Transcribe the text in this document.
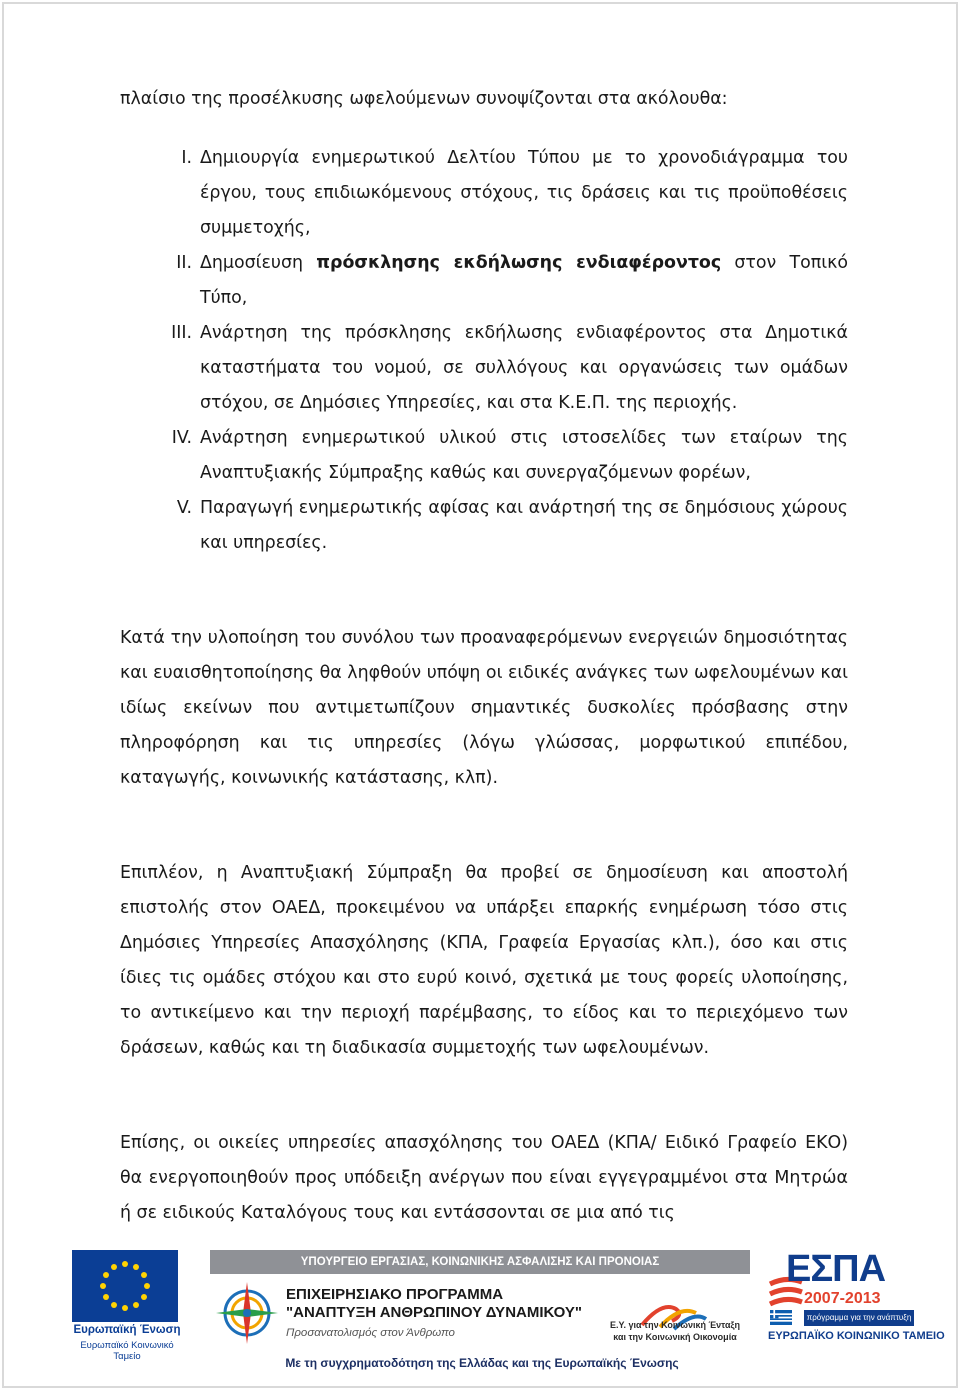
πλαίσιο της προσέλκυσης ωφελούμενων συνοψίζονται στα ακόλουθα:
I. Δημιουργία ενημερωτικού Δελτίου Τύπου με το χρονοδιάγραμμα του έργου, τους επιδιωκόμενους στόχους, τις δράσεις και τις προϋποθέσεις συμμετοχής,
II. Δημοσίευση πρόσκλησης εκδήλωσης ενδιαφέροντος στον Τοπικό Τύπο,
III. Ανάρτηση της πρόσκλησης εκδήλωσης ενδιαφέροντος στα Δημοτικά καταστήματα του νομού, σε συλλόγους και οργανώσεις των ομάδων στόχου, σε Δημόσιες Υπηρεσίες, και στα Κ.Ε.Π. της περιοχής.
IV. Ανάρτηση ενημερωτικού υλικού στις ιστοσελίδες των εταίρων της Αναπτυξιακής Σύμπραξης καθώς και συνεργαζόμενων φορέων,
V. Παραγωγή ενημερωτικής αφίσας και ανάρτησή της σε δημόσιους χώρους και υπηρεσίες.
Κατά την υλοποίηση του συνόλου των προαναφερόμενων ενεργειών δημοσιότητας και ευαισθητοποίησης θα ληφθούν υπόψη οι ειδικές ανάγκες των ωφελουμένων και ιδίως εκείνων που αντιμετωπίζουν σημαντικές δυσκολίες πρόσβασης στην πληροφόρηση και τις υπηρεσίες (λόγω γλώσσας, μορφωτικού επιπέδου, καταγωγής, κοινωνικής κατάστασης, κλπ).
Επιπλέον, η Αναπτυξιακή Σύμπραξη θα προβεί σε δημοσίευση και αποστολή επιστολής στον ΟΑΕΔ, προκειμένου να υπάρξει επαρκής ενημέρωση τόσο στις Δημόσιες Υπηρεσίες Απασχόλησης (ΚΠΑ, Γραφεία Εργασίας κλπ.), όσο και στις ίδιες τις ομάδες στόχου και στο ευρύ κοινό, σχετικά με τους φορείς υλοποίησης, το αντικείμενο και την περιοχή παρέμβασης, το είδος και το περιεχόμενο των δράσεων, καθώς και τη διαδικασία συμμετοχής των ωφελουμένων.
Επίσης, οι οικείες υπηρεσίες απασχόλησης του ΟΑΕΔ (ΚΠΑ/ Ειδικό Γραφείο ΕΚΟ) θα ενεργοποιηθούν προς υπόδειξη ανέργων που είναι εγγεγραμμένοι στα Μητρώα ή σε ειδικούς Καταλόγους τους και εντάσσονται σε μια από τις
Ευρωπαϊκή Ένωση
Ευρωπαϊκό Κοινωνικό Ταμείο
ΥΠΟΥΡΓΕΙΟ ΕΡΓΑΣΙΑΣ, ΚΟΙΝΩΝΙΚΗΣ ΑΣΦΑΛΙΣΗΣ ΚΑΙ ΠΡΟΝΟΙΑΣ
ΕΠΙΧΕΙΡΗΣΙΑΚΟ ΠΡΟΓΡΑΜΜΑ
"ΑΝΑΠΤΥΞΗ ΑΝΘΡΩΠΙΝΟΥ ΔΥΝΑΜΙΚΟΥ"
Προσανατολισμός στον Άνθρωπο
Ε.Υ. για την Κοινωνική Ένταξη
και την Κοινωνική Οικονομία
ΕΣΠΑ
2007-2013
πρόγραμμα για την ανάπτυξη
ΕΥΡΩΠΑΪΚΟ ΚΟΙΝΩΝΙΚΟ ΤΑΜΕΙΟ
Με τη συγχρηματοδότηση της Ελλάδας και της Ευρωπαϊκής Ένωσης
